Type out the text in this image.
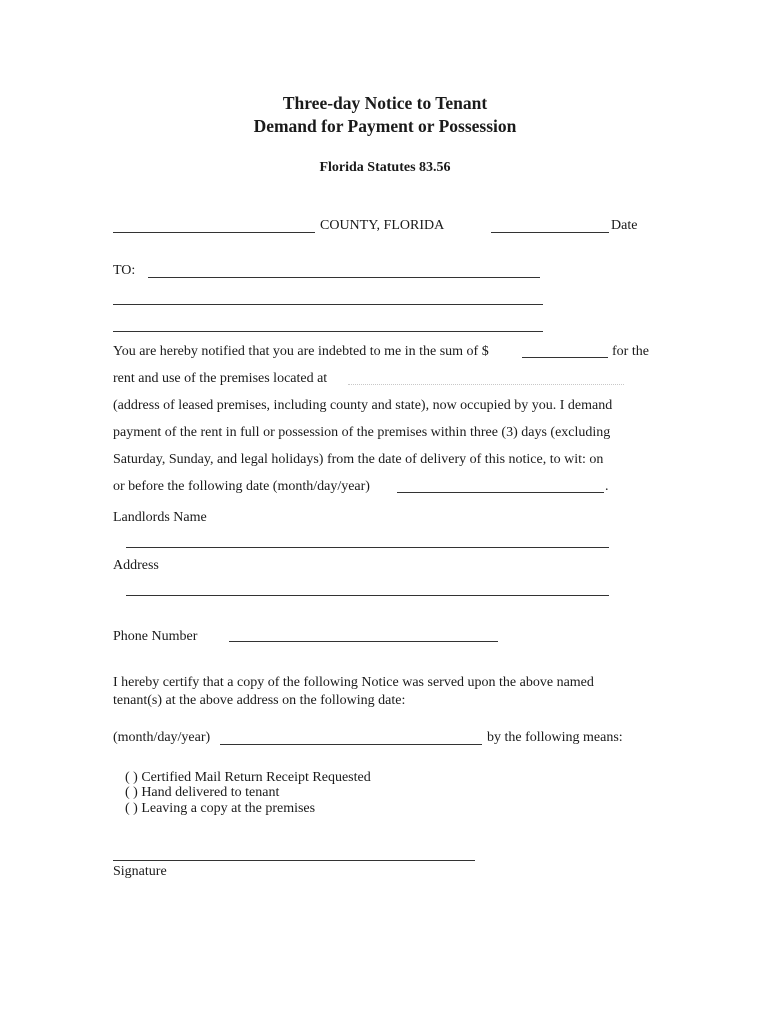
Three-day Notice to Tenant
Demand for Payment or Possession
Florida Statutes 83.56
COUNTY, FLORIDA	Date
TO:
You are hereby notified that you are indebted to me in the sum of $	for the
rent and use of the premises located at
(address of leased premises, including county and state), now occupied by you. I demand
payment of the rent in full or possession of the premises within three (3) days (excluding
Saturday, Sunday, and legal holidays) from the date of delivery of this notice, to wit: on
or before the following date (month/day/year)	.
Landlords Name
Address
Phone Number
I hereby certify that a copy of the following Notice was served upon the above named
tenant(s) at the above address on the following date:
(month/day/year)	by the following means:
( ) Certified Mail Return Receipt Requested
( ) Hand delivered to tenant
( ) Leaving a copy at the premises
Signature
